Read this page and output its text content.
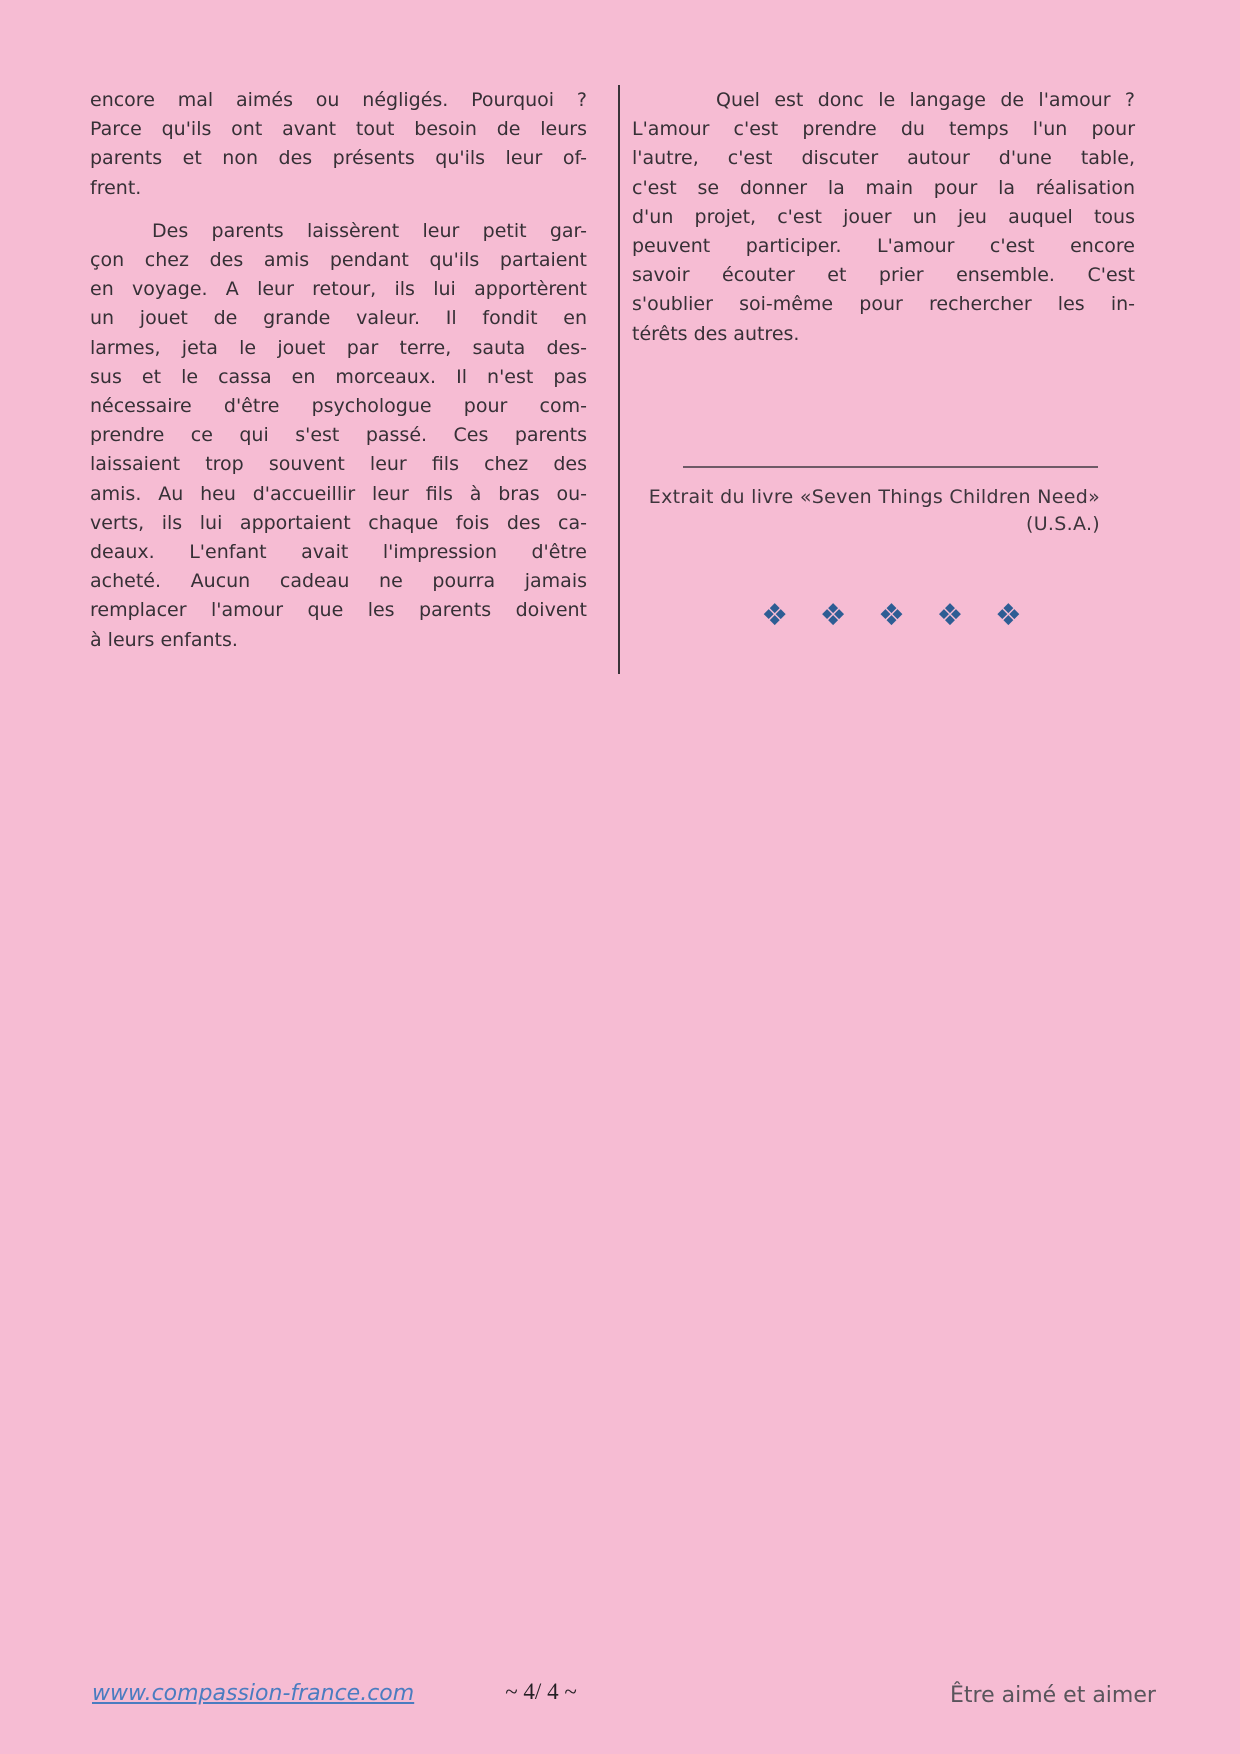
encore mal aimés ou négligés. Pourquoi ?
Parce qu'ils ont avant tout besoin de leurs
parents et non des présents qu'ils leur of-
frent.
Des parents laissèrent leur petit gar-
çon chez des amis pendant qu'ils partaient
en voyage. A leur retour, ils lui apportèrent
un jouet de grande valeur. Il fondit en
larmes, jeta le jouet par terre, sauta des-
sus et le cassa en morceaux. Il n'est pas
nécessaire d'être psychologue pour com-
prendre ce qui s'est passé. Ces parents
laissaient trop souvent leur fils chez des
amis. Au heu d'accueillir leur fils à bras ou-
verts, ils lui apportaient chaque fois des ca-
deaux. L'enfant avait l'impression d'être
acheté. Aucun cadeau ne pourra jamais
remplacer l'amour que les parents doivent
à leurs enfants.
Quel est donc le langage de l'amour ?
L'amour c'est prendre du temps l'un pour
l'autre, c'est discuter autour d'une table,
c'est se donner la main pour la réalisation
d'un projet, c'est jouer un jeu auquel tous
peuvent participer. L'amour c'est encore
savoir écouter et prier ensemble. C'est
s'oublier soi-même pour rechercher les in-
térêts des autres.
Extrait du livre «Seven Things Children Need»
(U.S.A.)
❖ ❖ ❖ ❖ ❖
www.compassion-france.com	~ 4/ 4 ~	Être aimé et aimer
